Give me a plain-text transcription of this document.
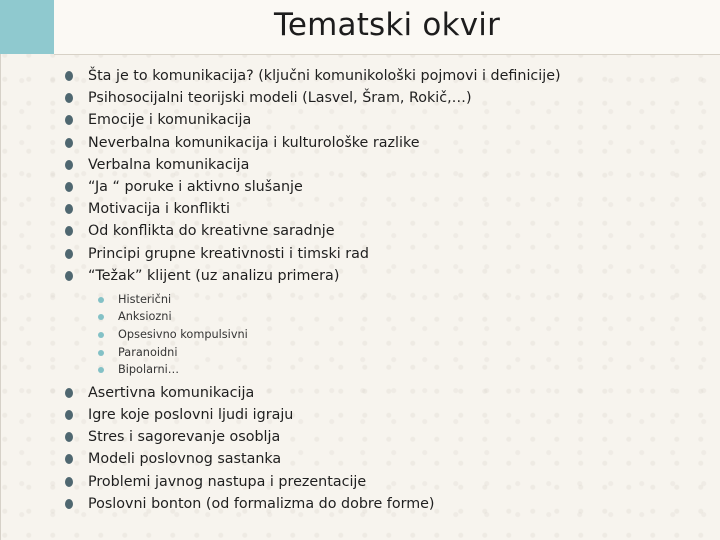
Tematski okvir
Šta je to komunikacija? (ključni komunikološki pojmovi i definicije)
Psihosocijalni teorijski modeli (Lasvel, Šram, Rokič,…)
Emocije i komunikacija
Neverbalna komunikacija i kulturološke razlike
Verbalna komunikacija
“Ja “ poruke i aktivno slušanje
Motivacija i konflikti
Od konflikta do kreativne saradnje
Principi grupne kreativnosti i timski rad
“Težak” klijent (uz analizu primera)
Histerični
Anksiozni
Opsesivno kompulsivni
Paranoidni
Bipolarni…
Asertivna komunikacija
Igre koje poslovni ljudi igraju
Stres i sagorevanje osoblja
Modeli poslovnog sastanka
Problemi javnog nastupa i prezentacije
Poslovni bonton (od formalizma do dobre forme)
